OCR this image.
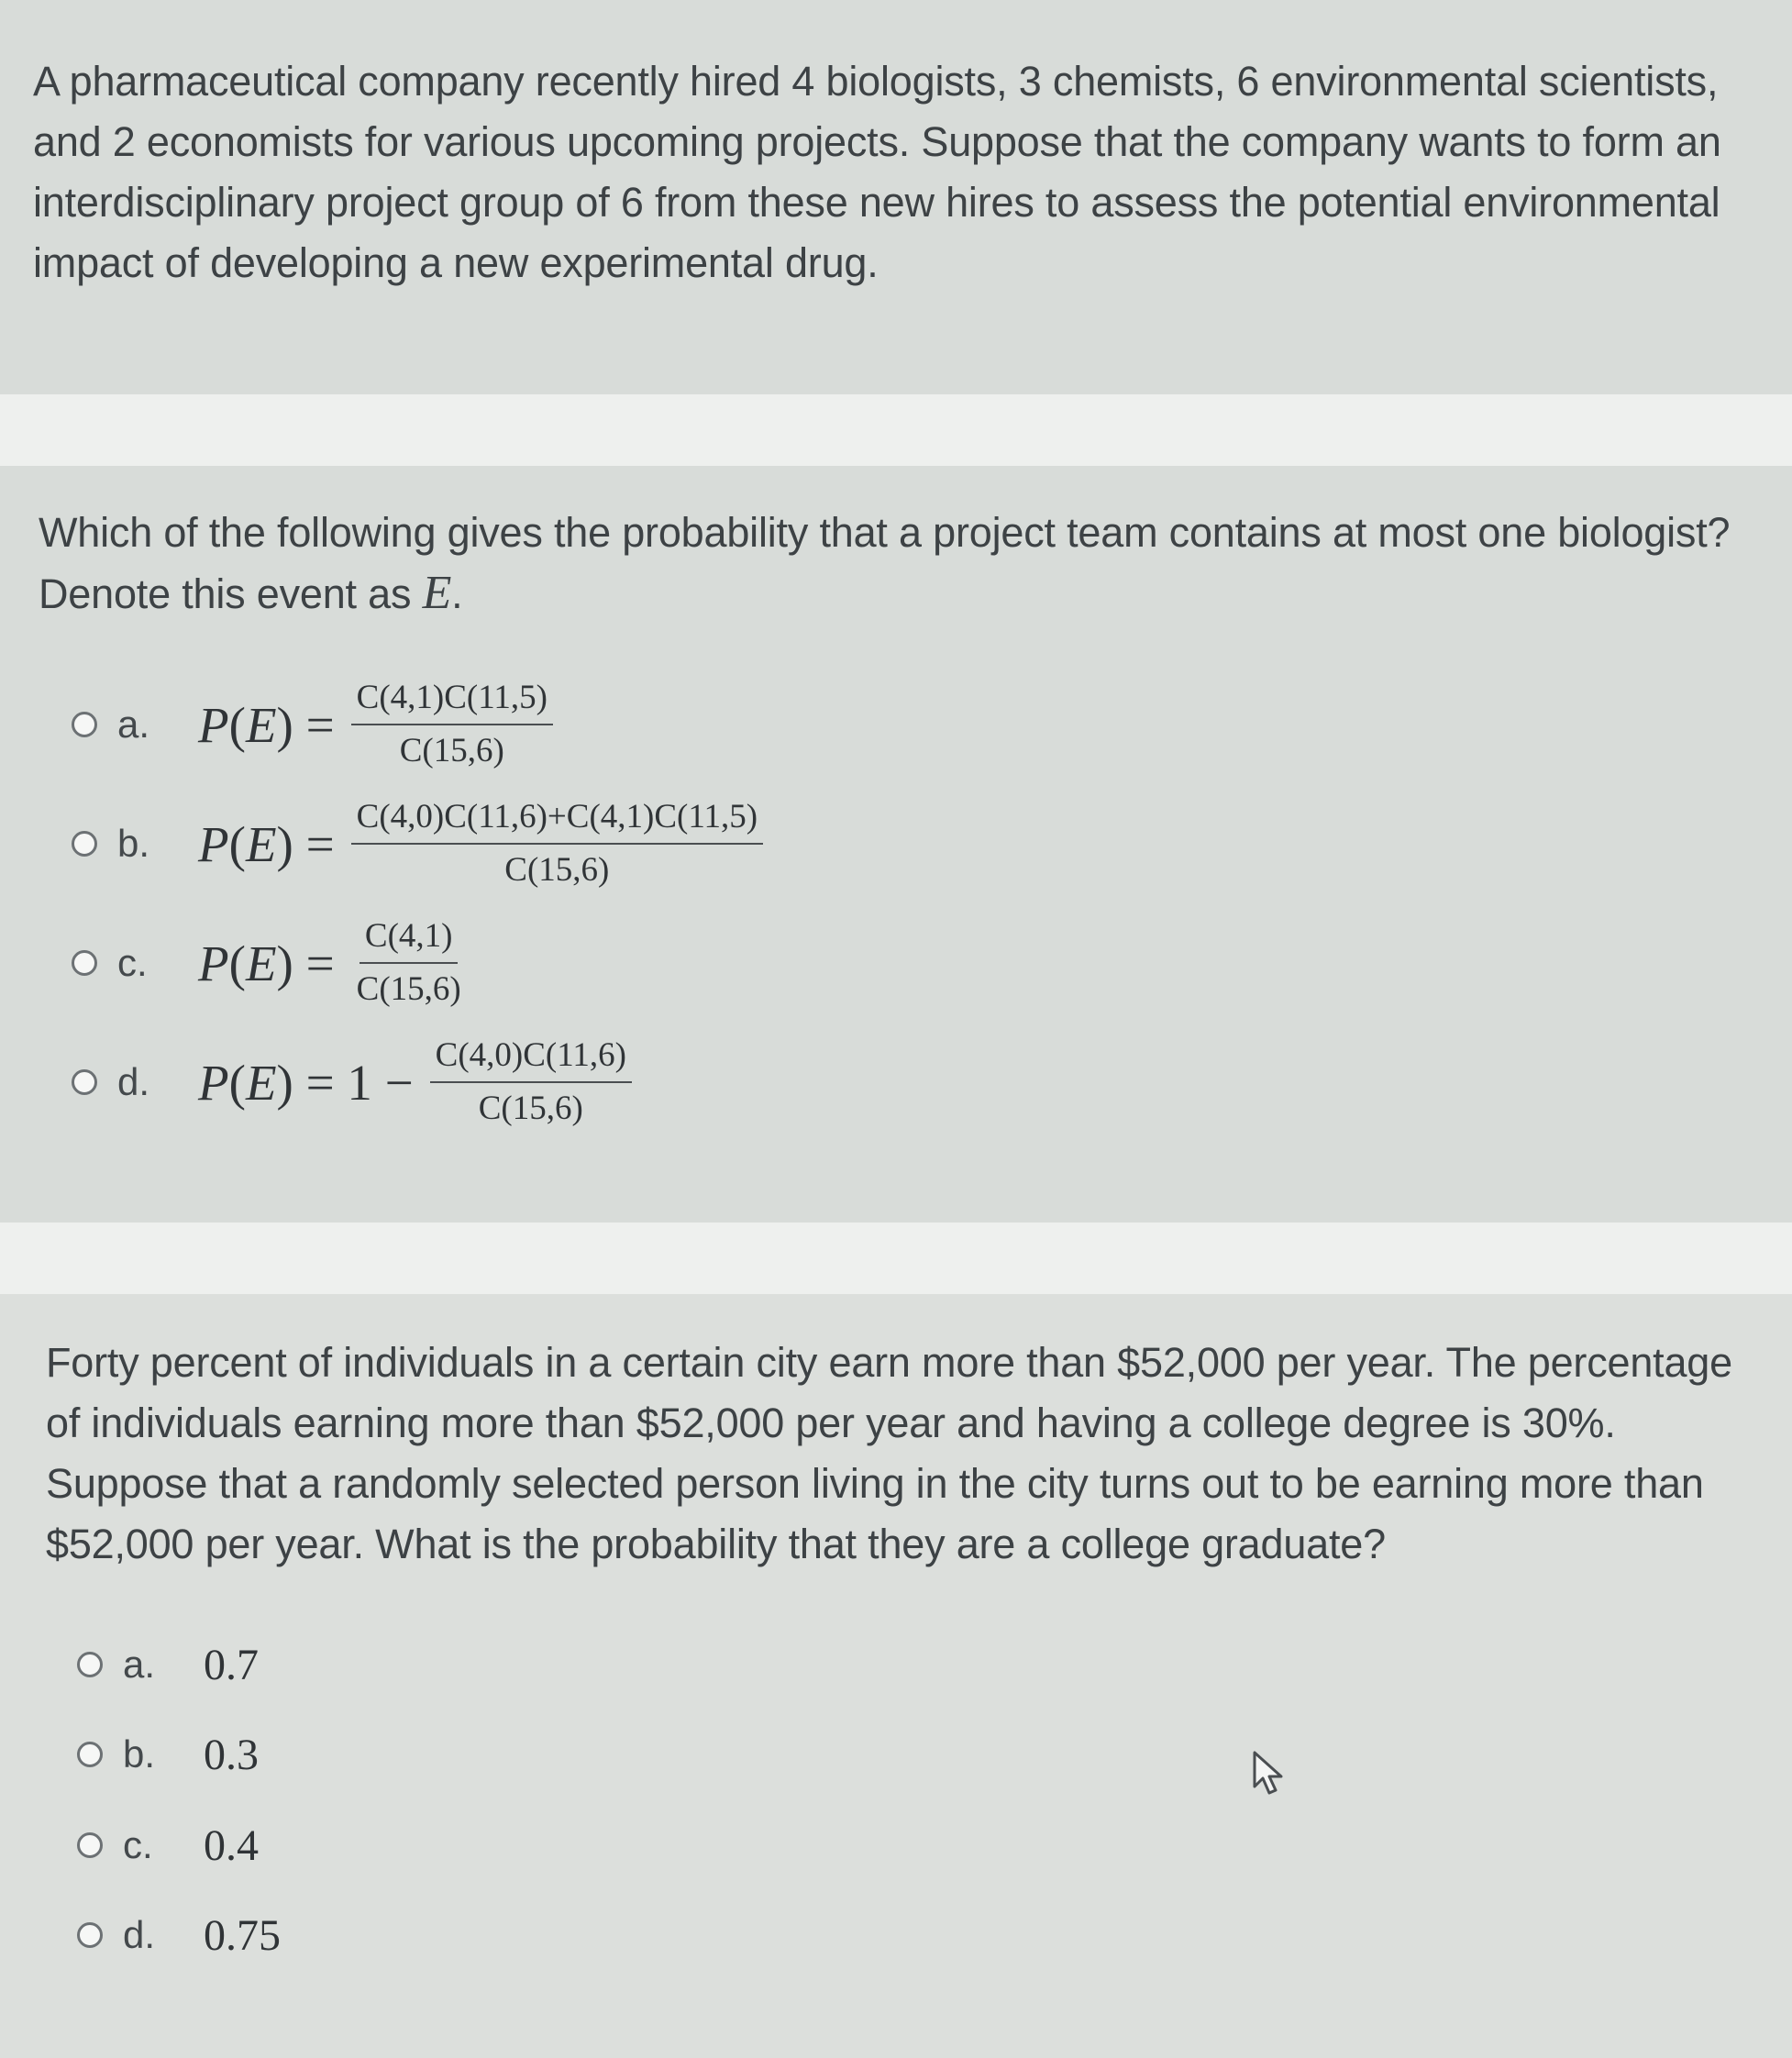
A pharmaceutical company recently hired 4 biologists, 3 chemists, 6 environmental scientists, and 2 economists for various upcoming projects. Suppose that the company wants to form an interdisciplinary project group of 6 from these new hires to assess the potential environmental impact of developing a new experimental drug.

Which of the following gives the probability that a project team contains at most one biologist? Denote this event as E.

a. $P(E) = \frac{C(4,1)C(11,5)}{C(15,6)}$
b. $P(E) = \frac{C(4,0)C(11,6)+C(4,1)C(11,5)}{C(15,6)}$
c.	$P(E) = \frac{C(4,1)}{C(15,6)}$
d. $P(E) = 1 - \frac{C(4,0)C(11,6)}{C(15,6)}$

Forty percent of individuals in a certain city earn more than $52,000 per year. The percentage of individuals earning more than $52,000 per year and having a college degree is 30%. Suppose that a randomly selected person living in the city turns out to be earning more than $52,000 per year. What is the probability that they are a college graduate?

a.	0.7
b.	0.3
c.	0.4
d.	0.75
